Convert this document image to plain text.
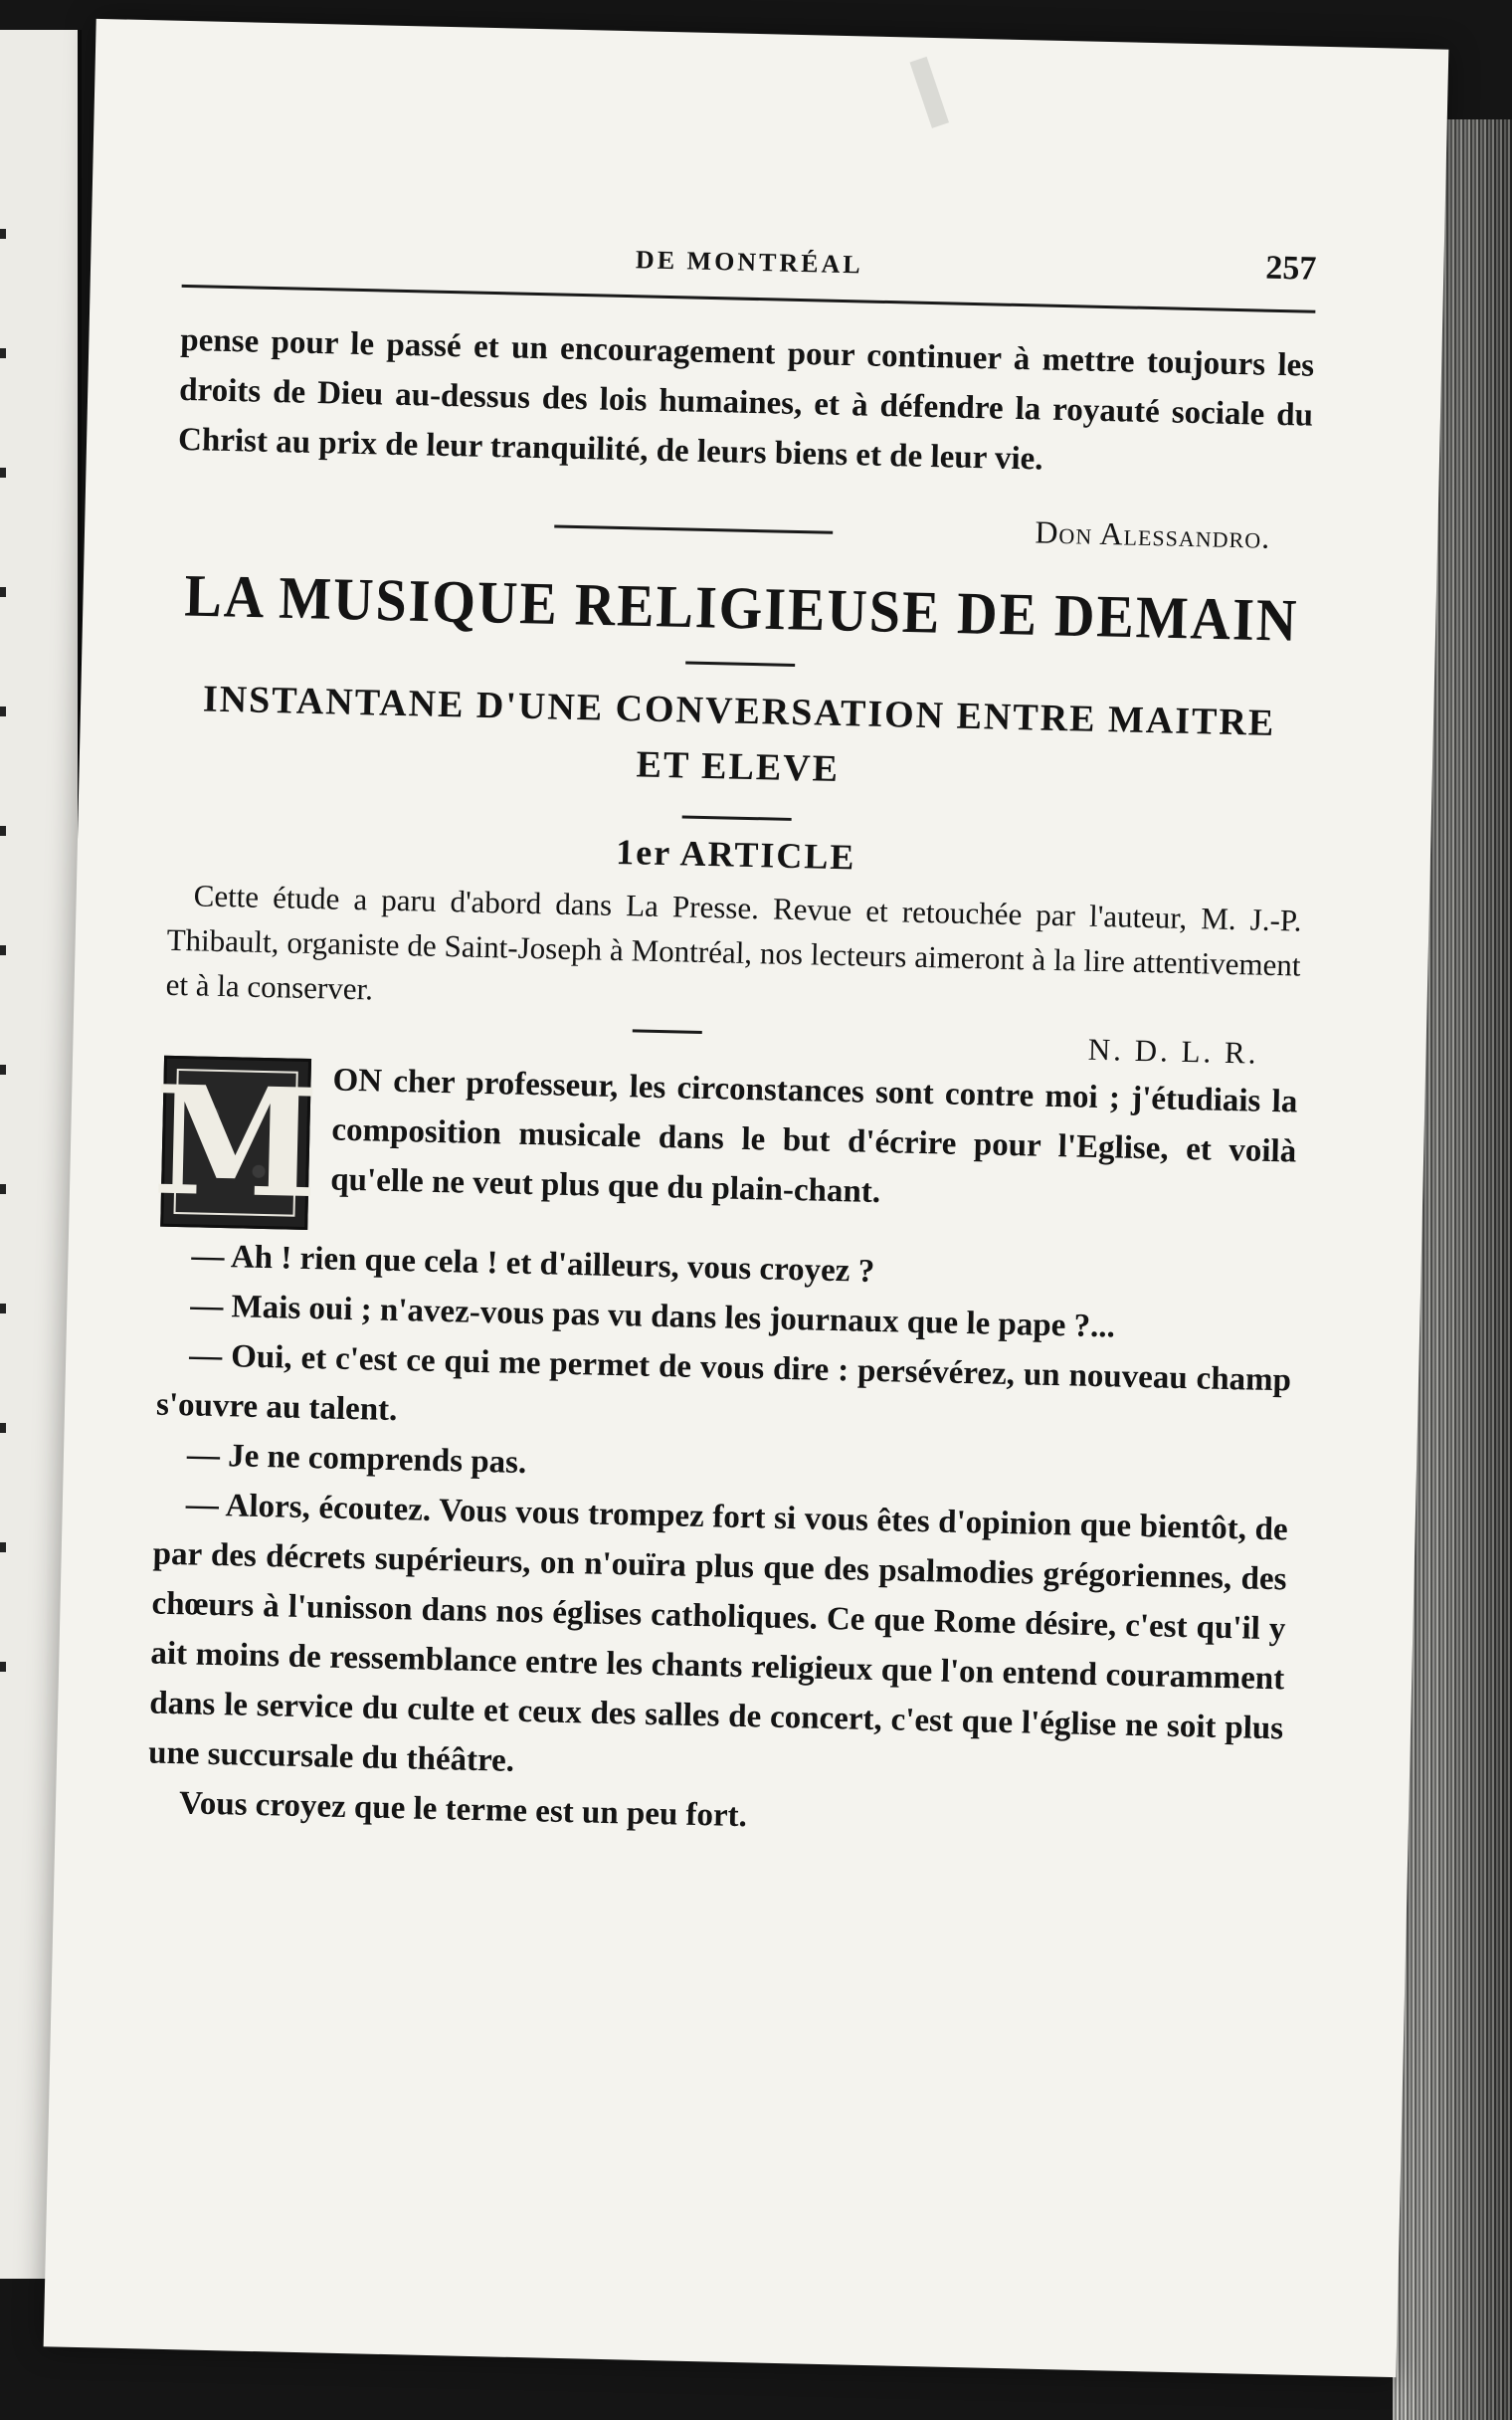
DE MONTRÉAL	257

pense pour le passé et un encouragement pour continuer à mettre toujours les droits de Dieu au-dessus des lois humaines, et à défendre la royauté sociale du Christ au prix de leur tranquilité, de leurs biens et de leur vie.

Don Alessandro.
LA MUSIQUE RELIGIEUSE DE DEMAIN
INSTANTANE D'UNE CONVERSATION ENTRE MAITRE ET ELEVE
1er ARTICLE

Cette étude a paru d'abord dans La Presse. Revue et retouchée par l'auteur, M. J.-P. Thibault, organiste de Saint-Joseph à Montréal, nos lecteurs aimeront à la lire attentivement et à la conserver.

N. D. L. R.
M ON cher professeur, les circonstances sont contre moi ; j'étudiais la composition musicale dans le but d'écrire pour l'Eglise, et voilà qu'elle ne veut plus que du plain-chant.

— Ah ! rien que cela ! et d'ailleurs, vous croyez ?

— Mais oui ; n'avez-vous pas vu dans les journaux que le pape ?...

— Oui, et c'est ce qui me permet de vous dire : persévérez, un nouveau champ s'ouvre au talent.

— Je ne comprends pas.

— Alors, écoutez. Vous vous trompez fort si vous êtes d'opinion que bientôt, de par des décrets supérieurs, on n'ouïra plus que des psalmodies grégoriennes, des chœurs à l'unisson dans nos églises catholiques. Ce que Rome désire, c'est qu'il y ait moins de ressemblance entre les chants religieux que l'on entend couramment dans le service du culte et ceux des salles de concert, c'est que l'église ne soit plus une succursale du théâtre.

Vous croyez que le terme est un peu fort.
